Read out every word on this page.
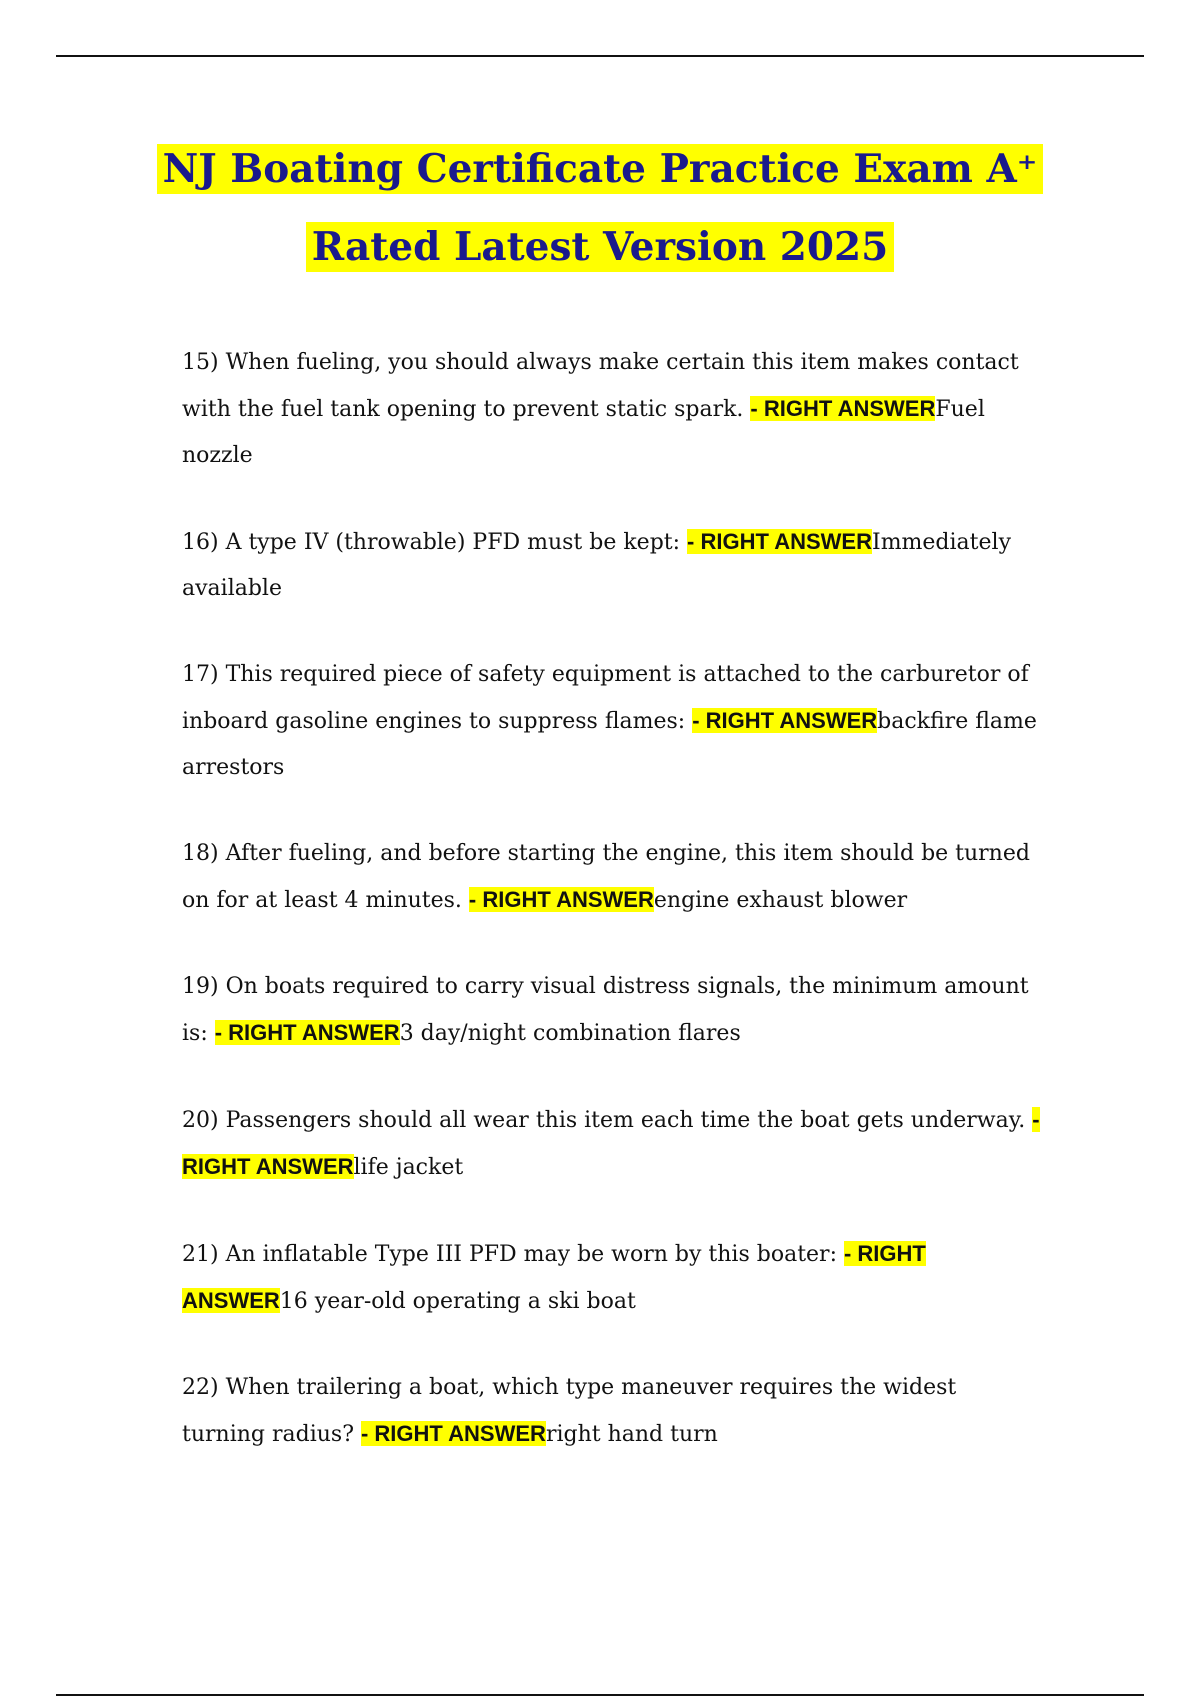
NJ Boating Certificate Practice Exam A⁺
Rated Latest Version 2025

15) When fueling, you should always make certain this item makes contact with the fuel tank opening to prevent static spark. - RIGHT ANSWERFuel nozzle

16) A type IV (throwable) PFD must be kept: - RIGHT ANSWERImmediately available

17) This required piece of safety equipment is attached to the carburetor of inboard gasoline engines to suppress flames: - RIGHT ANSWERbackfire flame arrestors

18) After fueling, and before starting the engine, this item should be turned on for at least 4 minutes. - RIGHT ANSWERengine exhaust blower

19) On boats required to carry visual distress signals, the minimum amount is: - RIGHT ANSWER3 day/night combination flares

20) Passengers should all wear this item each time the boat gets underway. - RIGHT ANSWERlife jacket

21) An inflatable Type III PFD may be worn by this boater: - RIGHT ANSWER16 year-old operating a ski boat

22) When trailering a boat, which type maneuver requires the widest turning radius? - RIGHT ANSWERright hand turn
